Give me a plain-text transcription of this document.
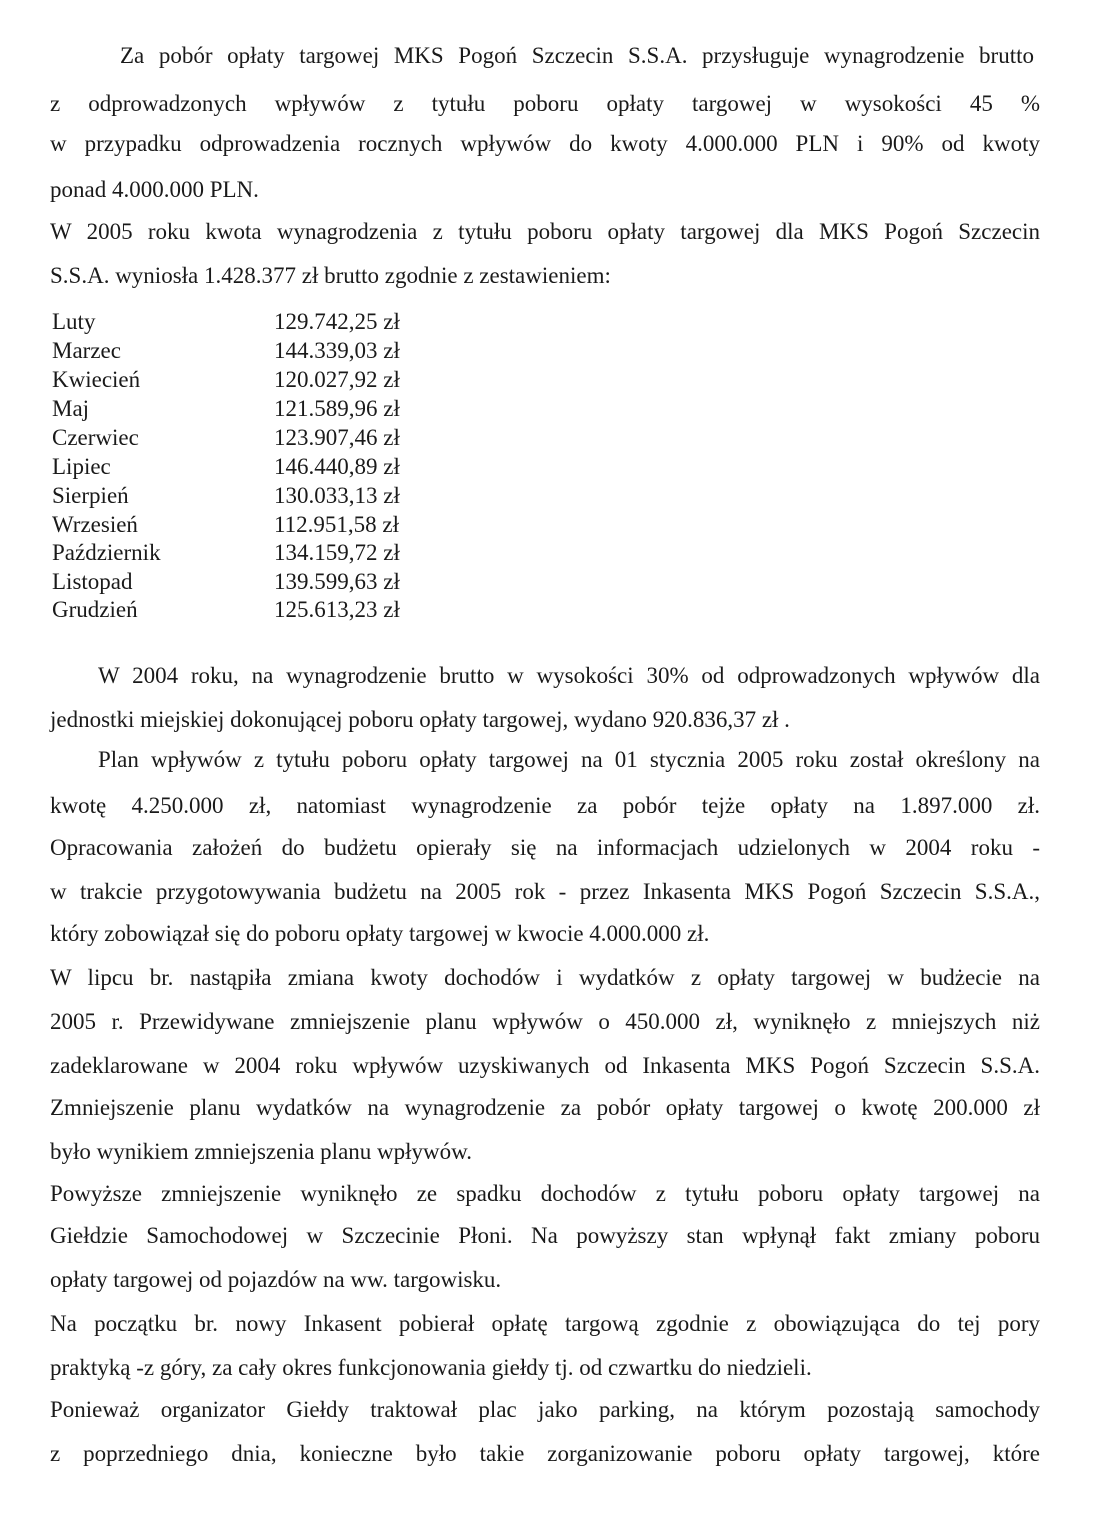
Za pobór opłaty targowej MKS Pogoń Szczecin S.S.A. przysługuje wynagrodzenie brutto
z odprowadzonych wpływów z tytułu poboru opłaty targowej w wysokości 45 %
w przypadku odprowadzenia rocznych wpływów do kwoty 4.000.000 PLN i 90% od kwoty
ponad 4.000.000 PLN.
W 2005 roku kwota wynagrodzenia z tytułu poboru opłaty targowej dla MKS Pogoń Szczecin
S.S.A. wyniosła 1.428.377 zł brutto zgodnie z zestawieniem:
Luty	129.742,25 zł
Marzec	144.339,03 zł
Kwiecień	120.027,92 zł
Maj	121.589,96 zł
Czerwiec	123.907,46 zł
Lipiec	146.440,89 zł
Sierpień	130.033,13 zł
Wrzesień	112.951,58 zł
Październik	134.159,72 zł
Listopad	139.599,63 zł
Grudzień	125.613,23 zł
W 2004 roku, na wynagrodzenie brutto w wysokości 30% od odprowadzonych wpływów dla
jednostki miejskiej dokonującej poboru opłaty targowej, wydano 920.836,37 zł .
Plan wpływów z tytułu poboru opłaty targowej na 01 stycznia 2005 roku został określony na
kwotę 4.250.000 zł, natomiast wynagrodzenie za pobór tejże opłaty na 1.897.000 zł.
Opracowania założeń do budżetu opierały się na informacjach udzielonych w 2004 roku -
w trakcie przygotowywania budżetu na 2005 rok - przez Inkasenta MKS Pogoń Szczecin S.S.A.,
który zobowiązał się do poboru opłaty targowej w kwocie 4.000.000 zł.
W lipcu br. nastąpiła zmiana kwoty dochodów i wydatków z opłaty targowej w budżecie na
2005 r. Przewidywane zmniejszenie planu wpływów o 450.000 zł, wyniknęło z mniejszych niż
zadeklarowane w 2004 roku wpływów uzyskiwanych od Inkasenta MKS Pogoń Szczecin S.S.A.
Zmniejszenie planu wydatków na wynagrodzenie za pobór opłaty targowej o kwotę 200.000 zł
było wynikiem zmniejszenia planu wpływów.
Powyższe zmniejszenie wyniknęło ze spadku dochodów z tytułu poboru opłaty targowej na
Giełdzie Samochodowej w Szczecinie Płoni. Na powyższy stan wpłynął fakt zmiany poboru
opłaty targowej od pojazdów na ww. targowisku.
Na początku br. nowy Inkasent pobierał opłatę targową zgodnie z obowiązująca do tej pory
praktyką -z góry, za cały okres funkcjonowania giełdy tj. od czwartku do niedzieli.
Ponieważ organizator Giełdy traktował plac jako parking, na którym pozostają samochody
z poprzedniego dnia, konieczne było takie zorganizowanie poboru opłaty targowej, które
